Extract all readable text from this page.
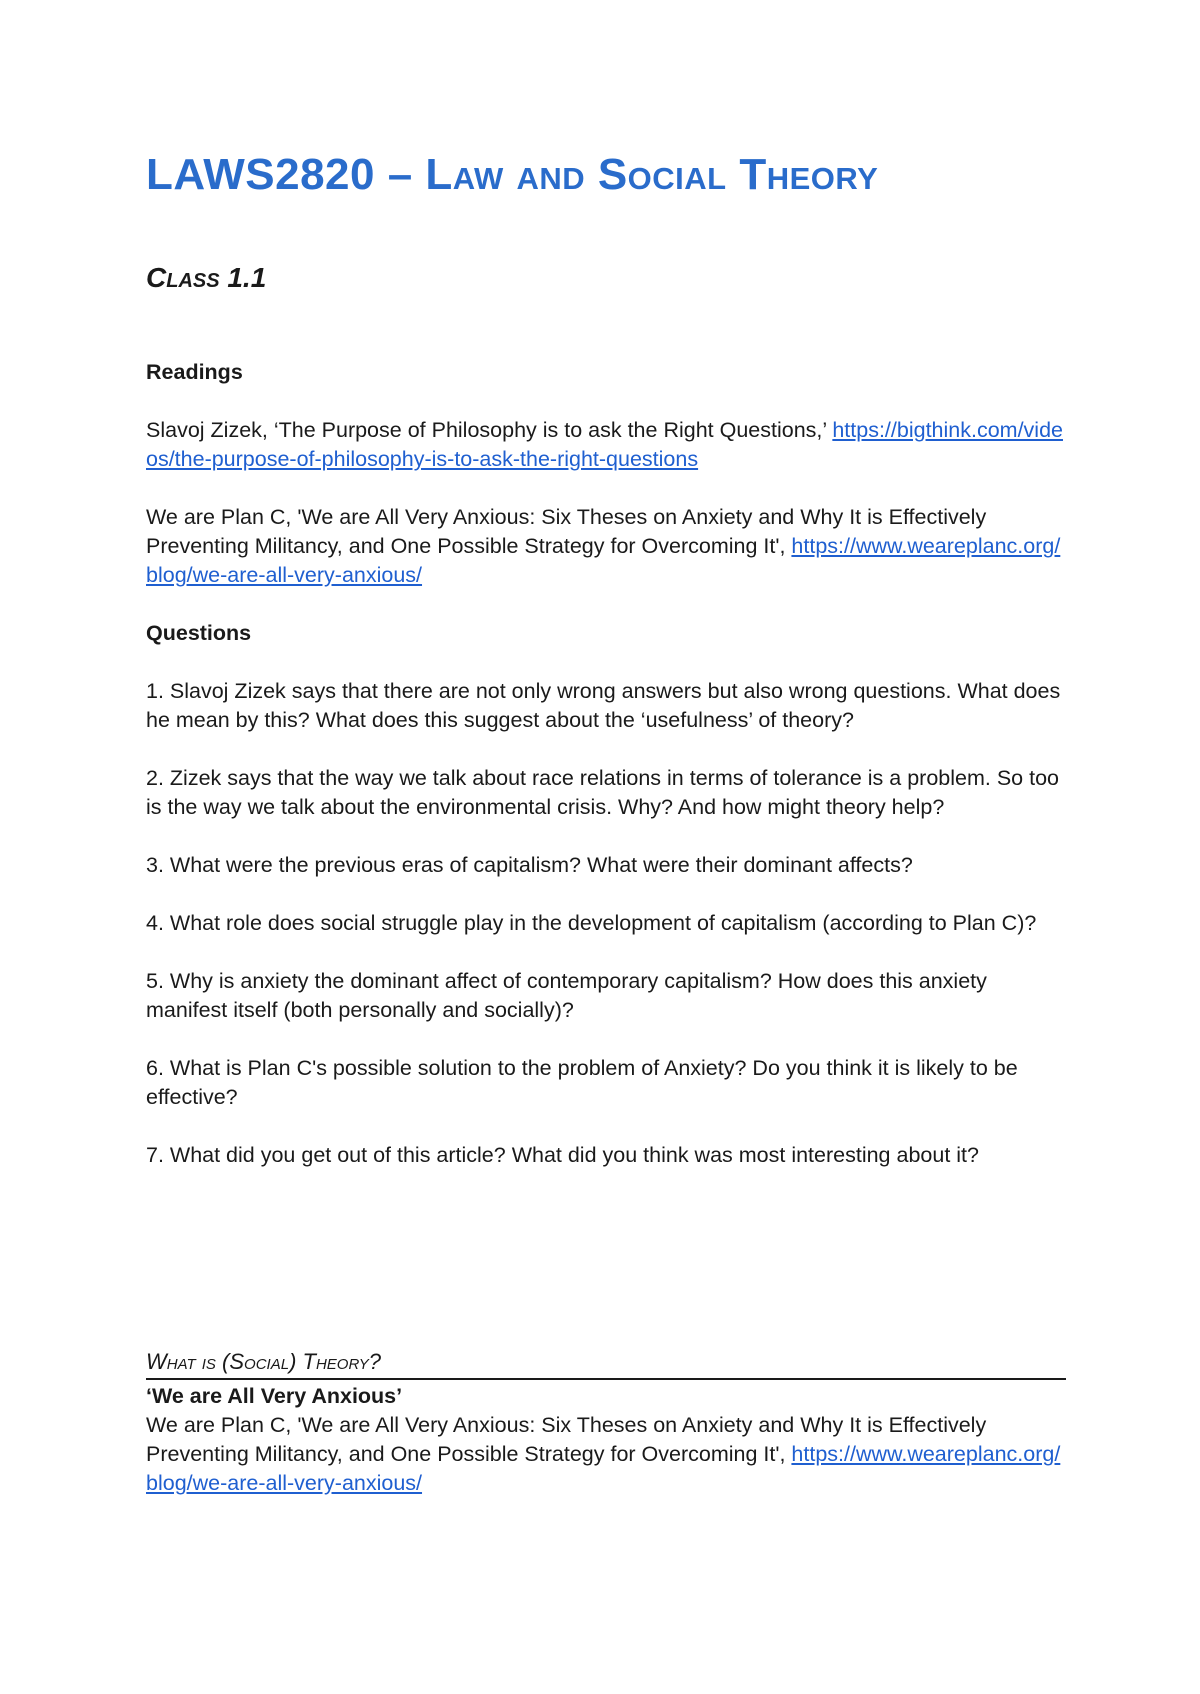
LAWS2820 – Law and Social Theory
Class 1.1

Readings

Slavoj Zizek, ‘The Purpose of Philosophy is to ask the Right Questions,’ https://bigthink.com/videos/the-purpose-of-philosophy-is-to-ask-the-right-questions

We are Plan C, 'We are All Very Anxious: Six Theses on Anxiety and Why It is Effectively Preventing Militancy, and One Possible Strategy for Overcoming It', https://www.weareplanc.org/blog/we-are-all-very-anxious/

Questions

1. Slavoj Zizek says that there are not only wrong answers but also wrong questions. What does he mean by this? What does this suggest about the ‘usefulness’ of theory?

2. Zizek says that the way we talk about race relations in terms of tolerance is a problem. So too is the way we talk about the environmental crisis. Why? And how might theory help?

3. What were the previous eras of capitalism? What were their dominant affects?

4. What role does social struggle play in the development of capitalism (according to Plan C)?

5. Why is anxiety the dominant affect of contemporary capitalism? How does this anxiety manifest itself (both personally and socially)?

6. What is Plan C's possible solution to the problem of Anxiety? Do you think it is likely to be effective?

7. What did you get out of this article? What did you think was most interesting about it?

What is (Social) Theory?
‘We are All Very Anxious’
We are Plan C, 'We are All Very Anxious: Six Theses on Anxiety and Why It is Effectively Preventing Militancy, and One Possible Strategy for Overcoming It', https://www.weareplanc.org/blog/we-are-all-very-anxious/
